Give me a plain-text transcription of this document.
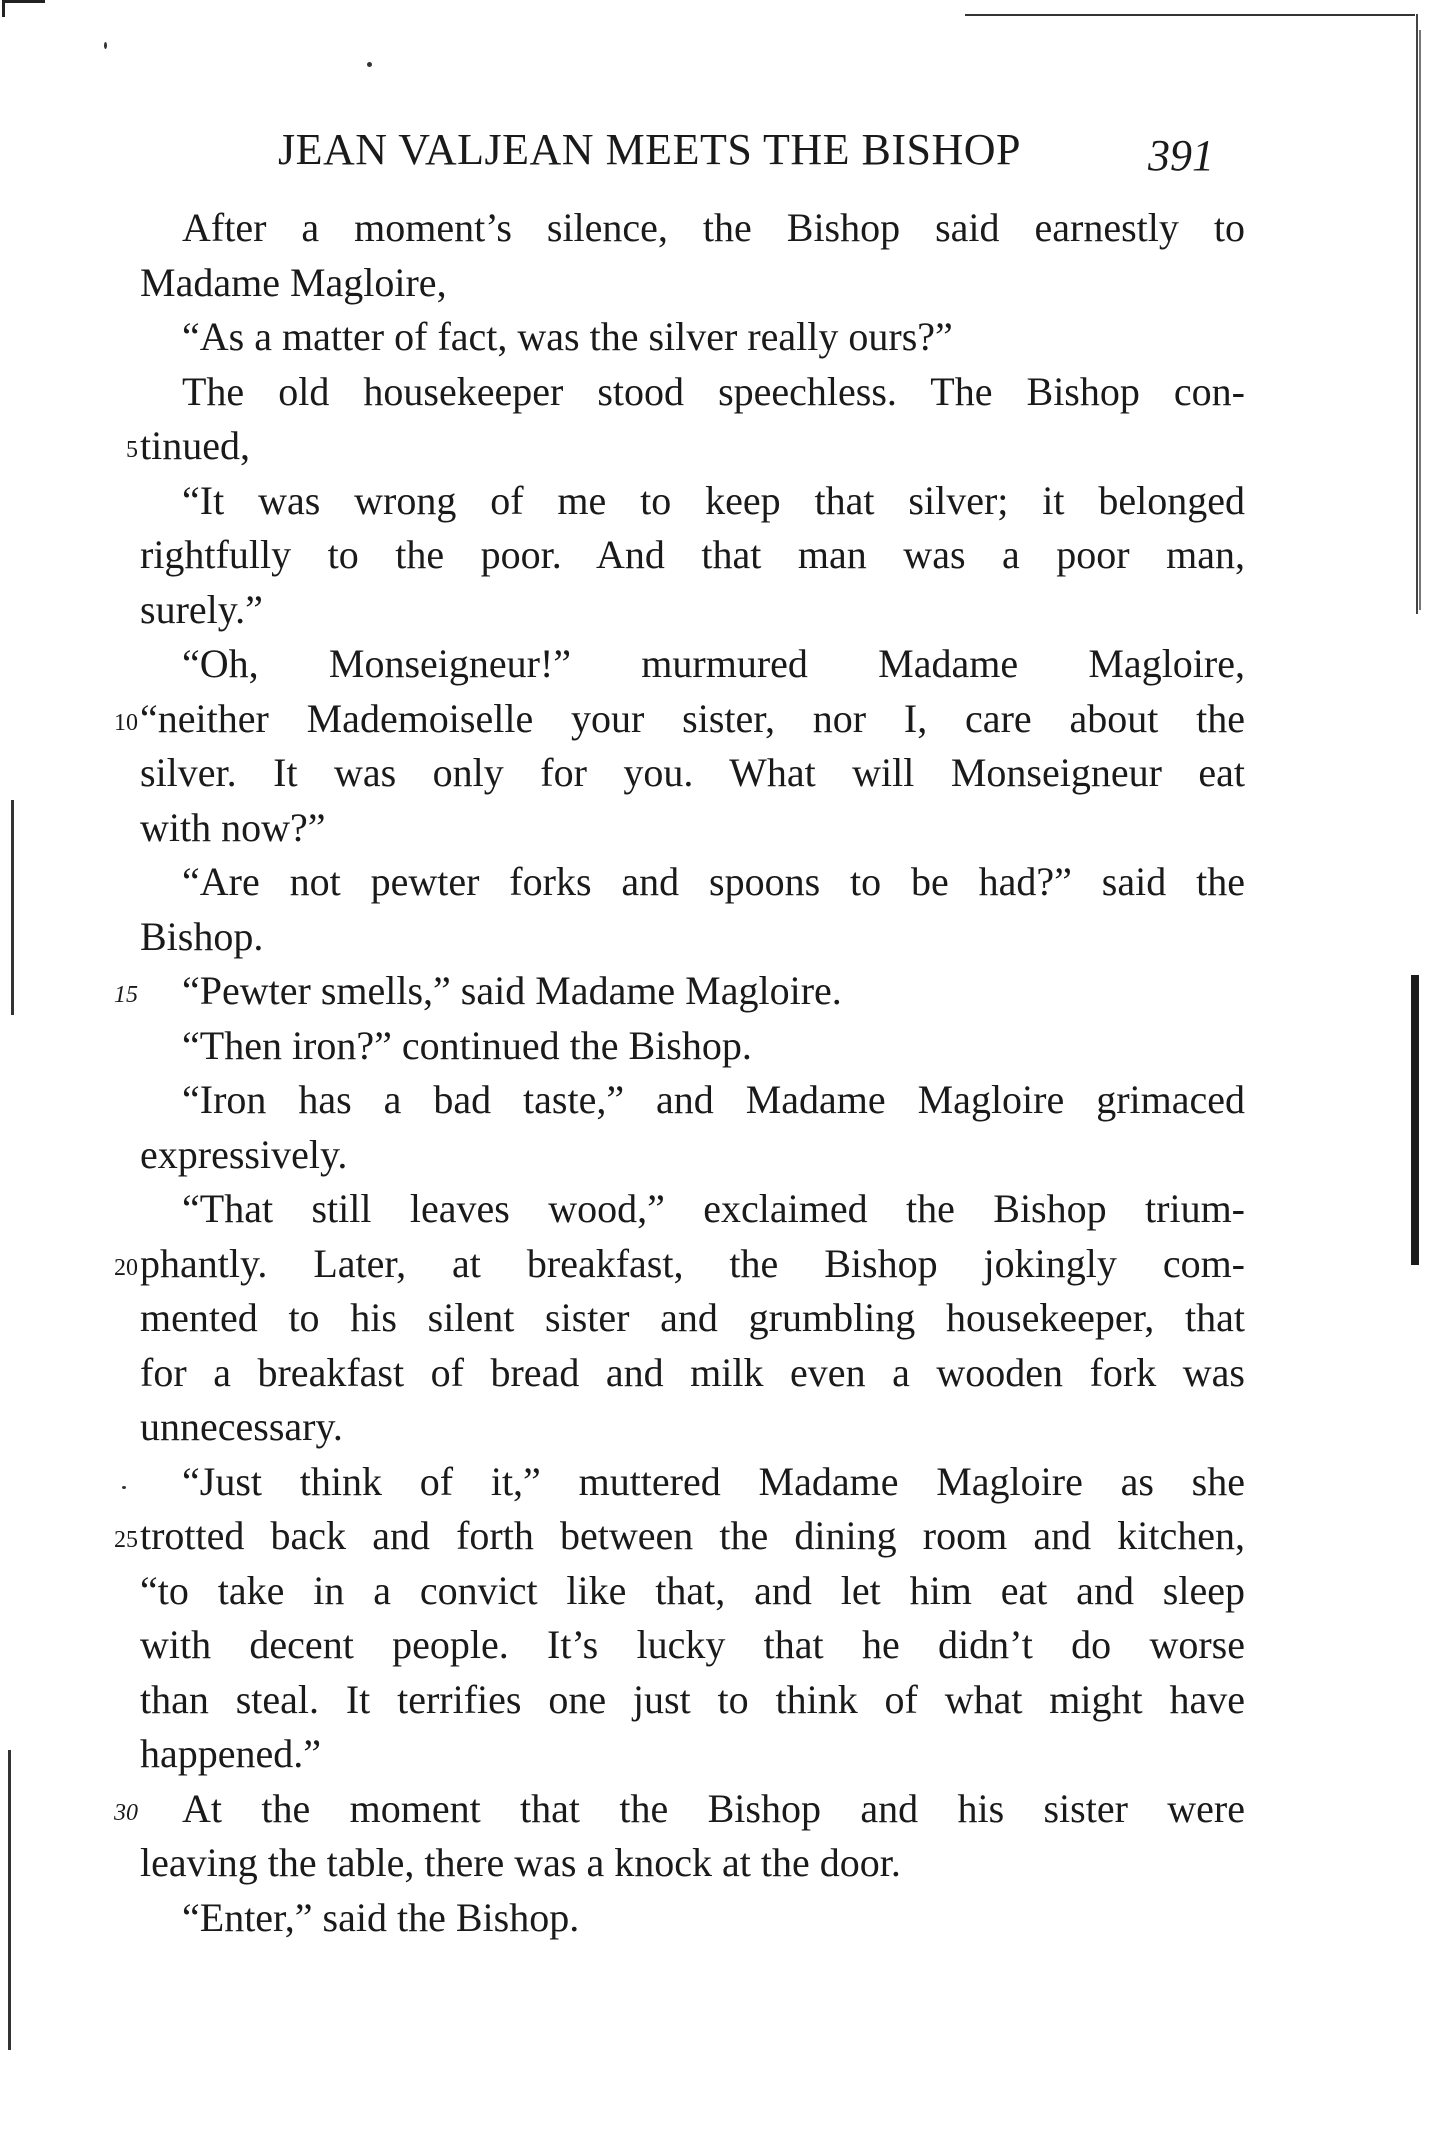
JEAN VALJEAN MEETS THE BISHOP	391
After a moment’s silence, the Bishop said earnestly to
Madame Magloire,
“As a matter of fact, was the silver really ours?”
The old housekeeper stood speechless. The Bishop con-
5 tinued,
“It was wrong of me to keep that silver; it belonged
rightfully to the poor. And that man was a poor man,
surely.”
“Oh, Monseigneur!” murmured Madame Magloire,
10 “neither Mademoiselle your sister, nor I, care about the
silver. It was only for you. What will Monseigneur eat
with now?”
“Are not pewter forks and spoons to be had?” said the
Bishop.
15 “Pewter smells,” said Madame Magloire.
“Then iron?” continued the Bishop.
“Iron has a bad taste,” and Madame Magloire grimaced
expressively.
“That still leaves wood,” exclaimed the Bishop trium-
20 phantly. Later, at breakfast, the Bishop jokingly com-
mented to his silent sister and grumbling housekeeper, that
for a breakfast of bread and milk even a wooden fork was
unnecessary.
“Just think of it,” muttered Madame Magloire as she
25 trotted back and forth between the dining room and kitchen,
“to take in a convict like that, and let him eat and sleep
with decent people. It’s lucky that he didn’t do worse
than steal. It terrifies one just to think of what might have
happened.”
30 At the moment that the Bishop and his sister were
leaving the table, there was a knock at the door.
“Enter,” said the Bishop.
